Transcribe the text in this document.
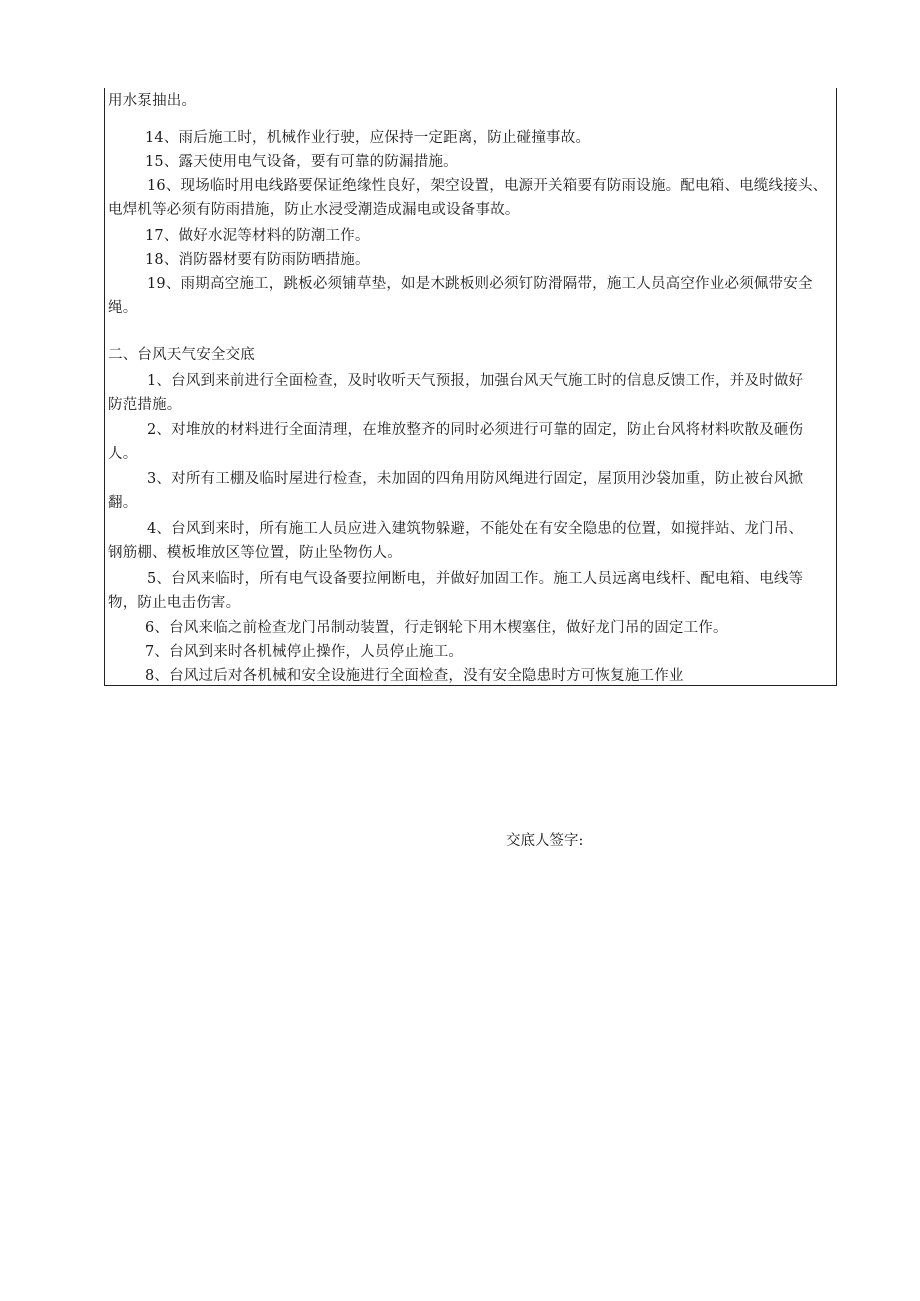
用水泵抽出。
14、雨后施工时，机械作业行驶，应保持一定距离，防止碰撞事故。
15、露天使用电气设备，要有可靠的防漏措施。
16、现场临时用电线路要保证绝缘性良好，架空设置，电源开关箱要有防雨设施。配电箱、电缆线接头、
电焊机等必须有防雨措施，防止水浸受潮造成漏电或设备事故。
17、做好水泥等材料的防潮工作。
18、消防器材要有防雨防晒措施。
19、雨期高空施工，跳板必须铺草垫，如是木跳板则必须钉防滑隔带，施工人员高空作业必须佩带安全
绳。
二、台风天气安全交底
1、台风到来前进行全面检查，及时收听天气预报，加强台风天气施工时的信息反馈工作，并及时做好
防范措施。
2、对堆放的材料进行全面清理，在堆放整齐的同时必须进行可靠的固定，防止台风将材料吹散及砸伤
人。
3、对所有工棚及临时屋进行检查，未加固的四角用防风绳进行固定，屋顶用沙袋加重，防止被台风掀
翻。
4、台风到来时，所有施工人员应进入建筑物躲避，不能处在有安全隐患的位置，如搅拌站、龙门吊、
钢筋棚、模板堆放区等位置，防止坠物伤人。
5、台风来临时，所有电气设备要拉闸断电，并做好加固工作。施工人员远离电线杆、配电箱、电线等
物，防止电击伤害。
6、台风来临之前检查龙门吊制动装置，行走钢轮下用木楔塞住，做好龙门吊的固定工作。
7、台风到来时各机械停止操作，人员停止施工。
8、台风过后对各机械和安全设施进行全面检查，没有安全隐患时方可恢复施工作业
交底人签字:
